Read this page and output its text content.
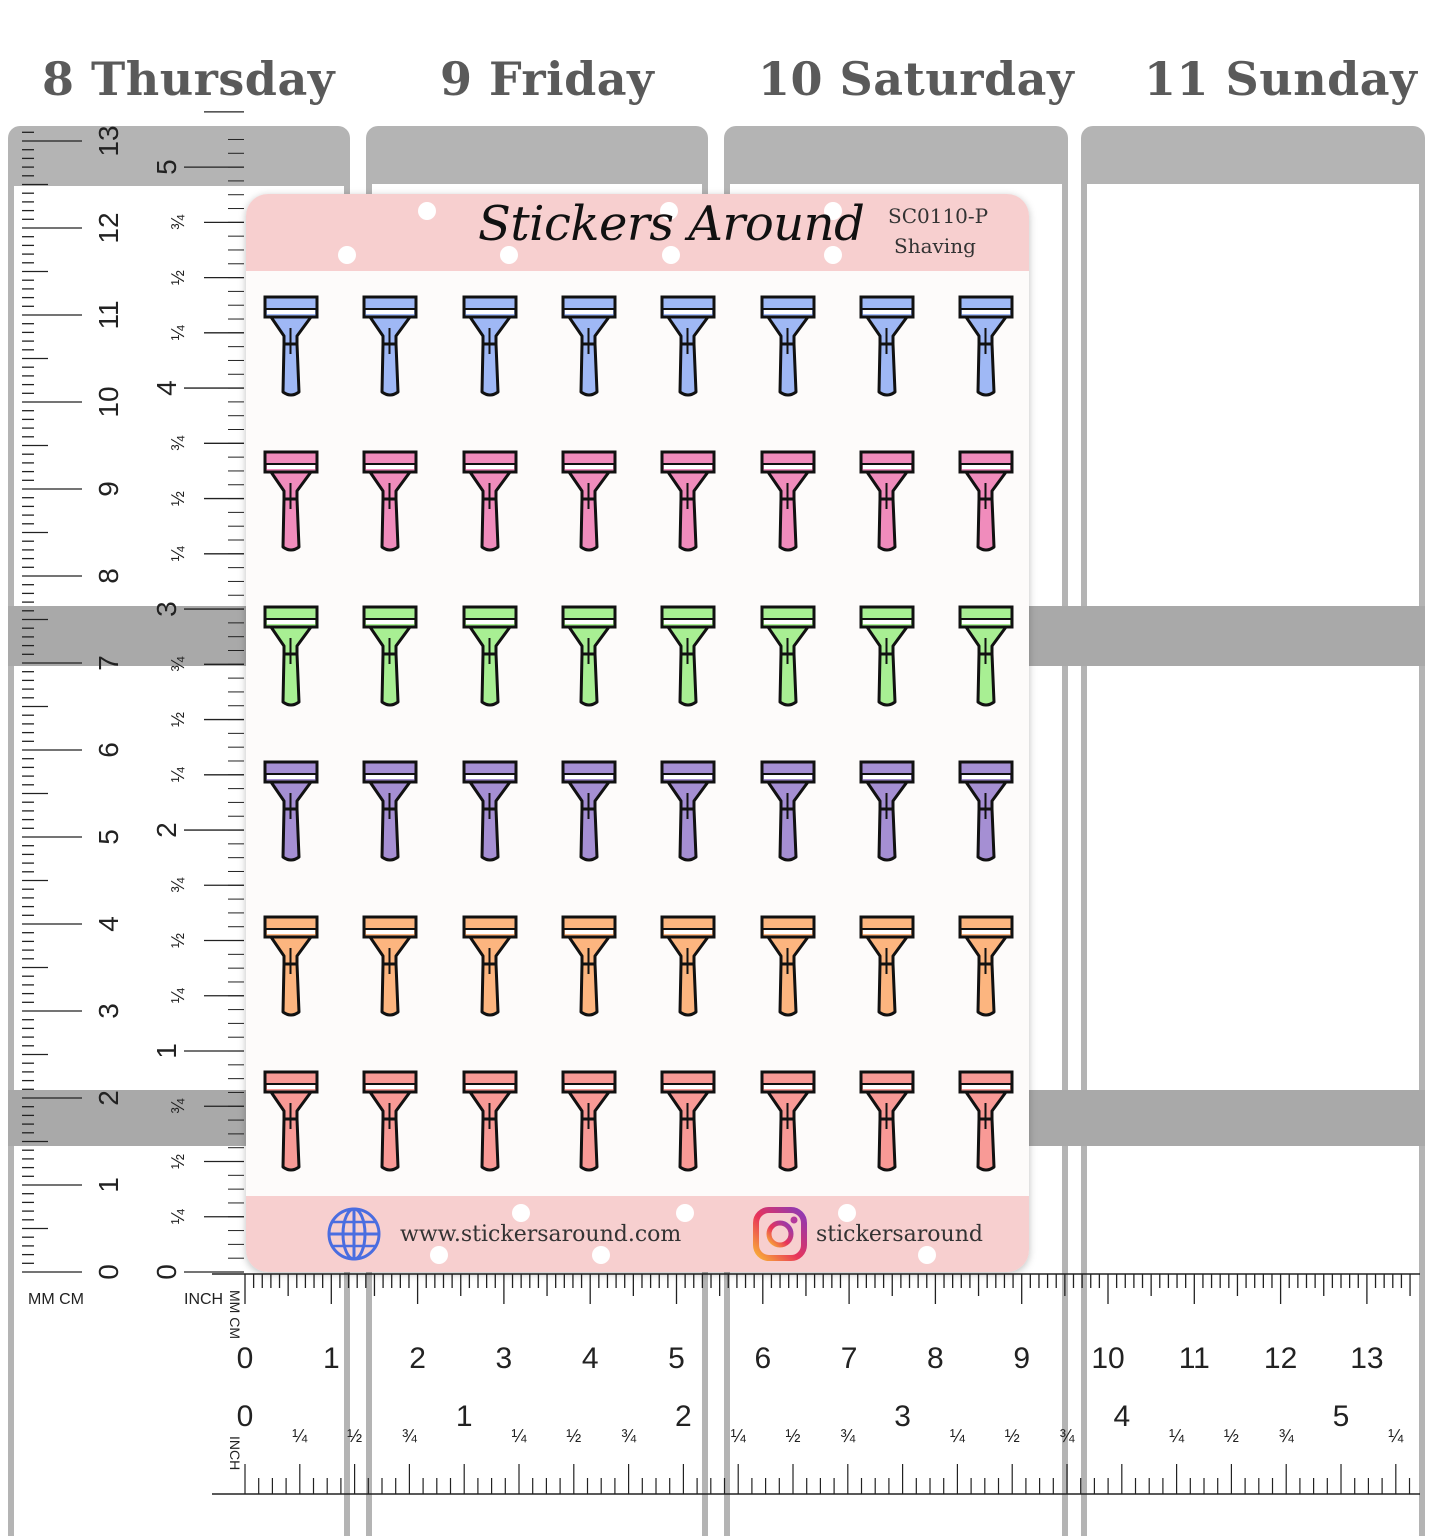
8 Thursday 9 Friday 10 Saturday 11 Sunday
0
1
2
3
4
5
6
7
8
9
10
11
12
13
0
¼
½
¾
1
¼
½
¾
2
¼
½
¾
3
¼
½
¾
4
¼
½
¾
5
MM CM	INCH
0 1 2 3 4 5 6 7 8 9 10 11 12 13
0
¼ ½ ¾
1
¼ ½ ¾
2
¼ ½ ¾
3
¼ ½ ¾
4
¼ ½ ¾
5
¼
MM CM
INCH
Stickers Around SC0110-P
Shaving
www.stickersaround.com	stickersaround
